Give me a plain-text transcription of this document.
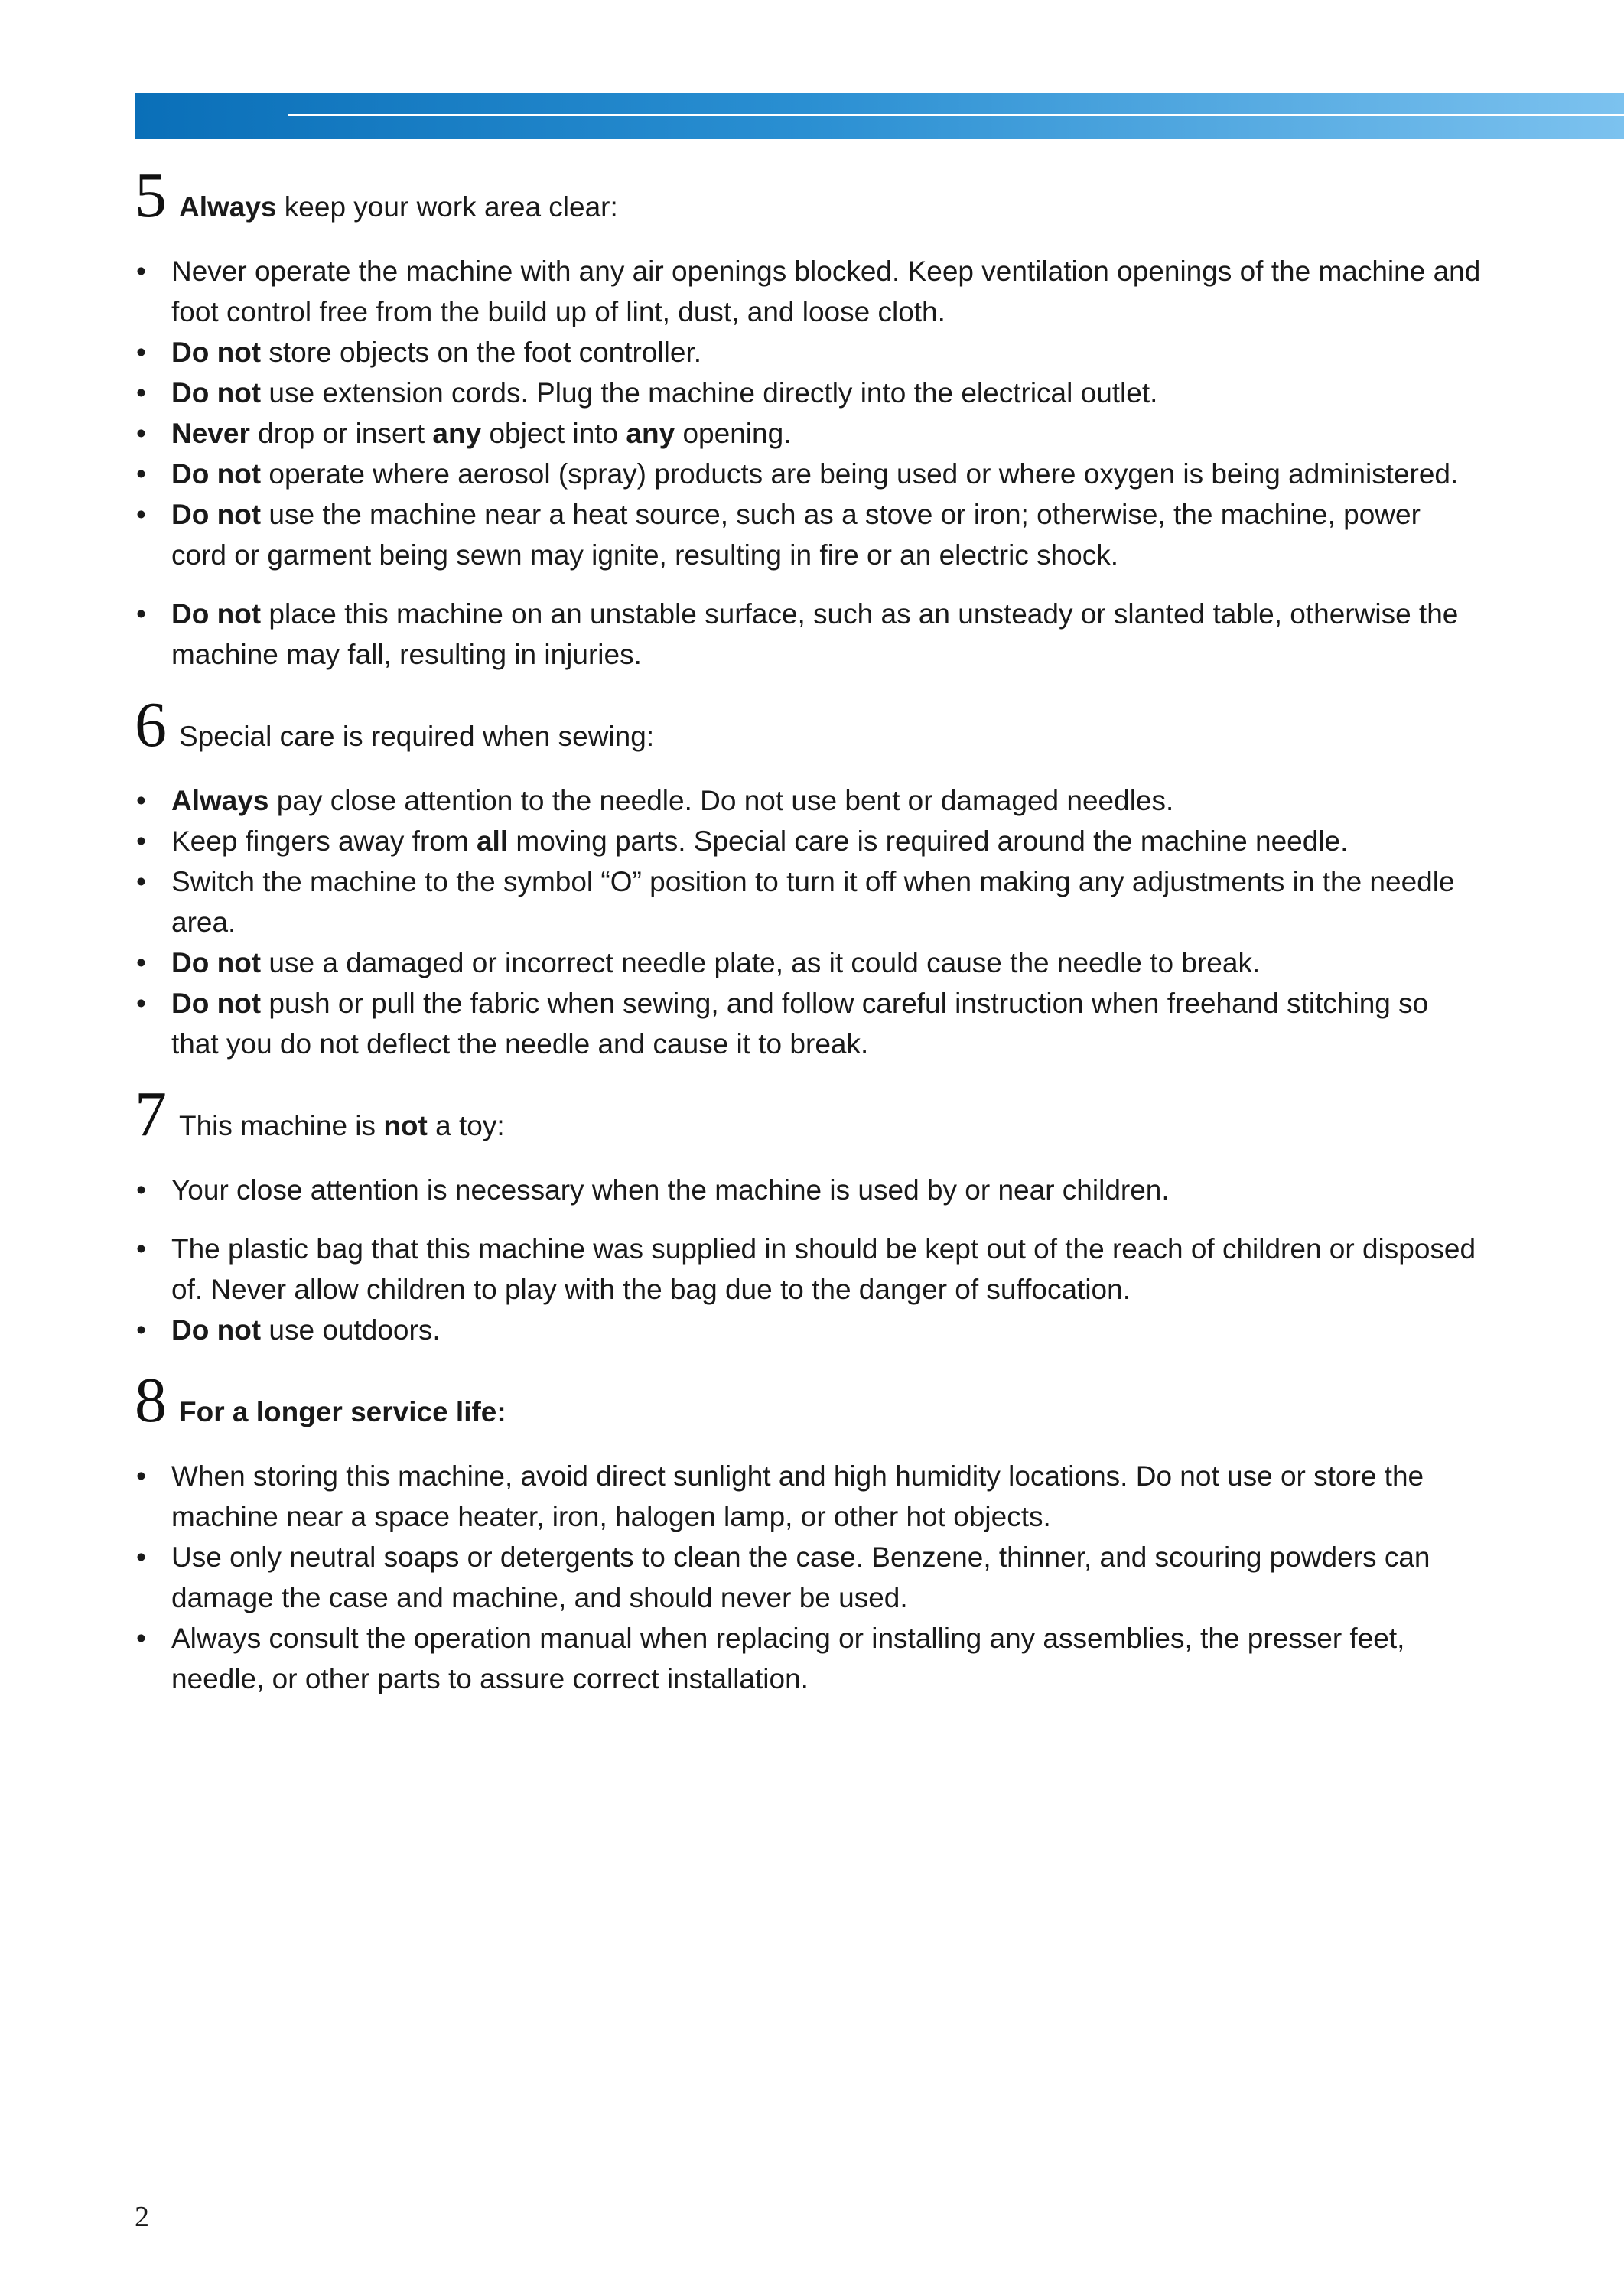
5 Always keep your work area clear:
• Never operate the machine with any air openings blocked. Keep ventilation openings of the machine and foot control free from the build up of lint, dust, and loose cloth.
• Do not store objects on the foot controller.
• Do not use extension cords. Plug the machine directly into the electrical outlet.
• Never drop or insert any object into any opening.
• Do not operate where aerosol (spray) products are being used or where oxygen is being administered.
• Do not use the machine near a heat source, such as a stove or iron; otherwise, the machine, power cord or garment being sewn may ignite, resulting in fire or an electric shock.
• Do not place this machine on an unstable surface, such as an unsteady or slanted table, otherwise the machine may fall, resulting in injuries.
6 Special care is required when sewing:
• Always pay close attention to the needle. Do not use bent or damaged needles.
• Keep fingers away from all moving parts. Special care is required around the machine needle.
• Switch the machine to the symbol “O” position to turn it off when making any adjustments in the needle area.
• Do not use a damaged or incorrect needle plate, as it could cause the needle to break.
• Do not push or pull the fabric when sewing, and follow careful instruction when freehand stitching so that you do not deflect the needle and cause it to break.
7 This machine is not a toy:
• Your close attention is necessary when the machine is used by or near children.
• The plastic bag that this machine was supplied in should be kept out of the reach of children or disposed of. Never allow children to play with the bag due to the danger of suffocation.
• Do not use outdoors.
8 For a longer service life:
• When storing this machine, avoid direct sunlight and high humidity locations. Do not use or store the machine near a space heater, iron, halogen lamp, or other hot objects.
• Use only neutral soaps or detergents to clean the case. Benzene, thinner, and scouring powders can damage the case and machine, and should never be used.
• Always consult the operation manual when replacing or installing any assemblies, the presser feet, needle, or other parts to assure correct installation.
2
